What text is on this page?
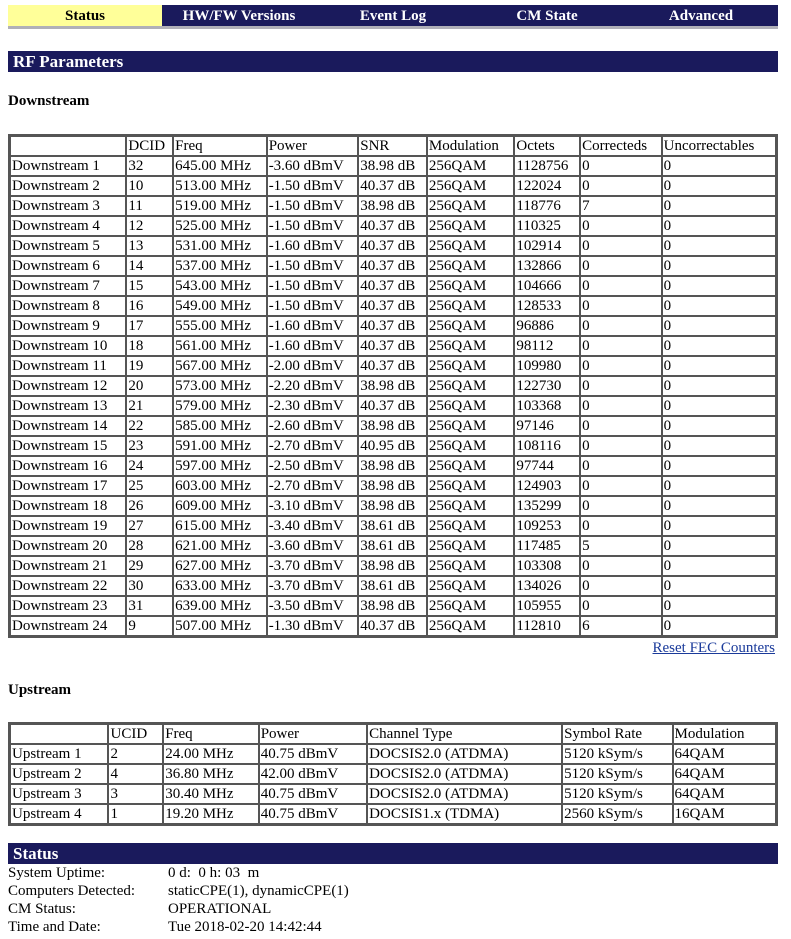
Status	HW/FW Versions	Event Log	CM State	Advanced
RF Parameters
Downstream
	DCID	Freq	Power	SNR	Modulation	Octets	Correcteds	Uncorrectables
Downstream 1	32	645.00 MHz	-3.60 dBmV	38.98 dB	256QAM	1128756	0	0
Downstream 2	10	513.00 MHz	-1.50 dBmV	40.37 dB	256QAM	122024	0	0
Downstream 3	11	519.00 MHz	-1.50 dBmV	38.98 dB	256QAM	118776	7	0
Downstream 4	12	525.00 MHz	-1.50 dBmV	40.37 dB	256QAM	110325	0	0
Downstream 5	13	531.00 MHz	-1.60 dBmV	40.37 dB	256QAM	102914	0	0
Downstream 6	14	537.00 MHz	-1.50 dBmV	40.37 dB	256QAM	132866	0	0
Downstream 7	15	543.00 MHz	-1.50 dBmV	40.37 dB	256QAM	104666	0	0
Downstream 8	16	549.00 MHz	-1.50 dBmV	40.37 dB	256QAM	128533	0	0
Downstream 9	17	555.00 MHz	-1.60 dBmV	40.37 dB	256QAM	96886	0	0
Downstream 10	18	561.00 MHz	-1.60 dBmV	40.37 dB	256QAM	98112	0	0
Downstream 11	19	567.00 MHz	-2.00 dBmV	40.37 dB	256QAM	109980	0	0
Downstream 12	20	573.00 MHz	-2.20 dBmV	38.98 dB	256QAM	122730	0	0
Downstream 13	21	579.00 MHz	-2.30 dBmV	40.37 dB	256QAM	103368	0	0
Downstream 14	22	585.00 MHz	-2.60 dBmV	38.98 dB	256QAM	97146	0	0
Downstream 15	23	591.00 MHz	-2.70 dBmV	40.95 dB	256QAM	108116	0	0
Downstream 16	24	597.00 MHz	-2.50 dBmV	38.98 dB	256QAM	97744	0	0
Downstream 17	25	603.00 MHz	-2.70 dBmV	38.98 dB	256QAM	124903	0	0
Downstream 18	26	609.00 MHz	-3.10 dBmV	38.98 dB	256QAM	135299	0	0
Downstream 19	27	615.00 MHz	-3.40 dBmV	38.61 dB	256QAM	109253	0	0
Downstream 20	28	621.00 MHz	-3.60 dBmV	38.61 dB	256QAM	117485	5	0
Downstream 21	29	627.00 MHz	-3.70 dBmV	38.98 dB	256QAM	103308	0	0
Downstream 22	30	633.00 MHz	-3.70 dBmV	38.61 dB	256QAM	134026	0	0
Downstream 23	31	639.00 MHz	-3.50 dBmV	38.98 dB	256QAM	105955	0	0
Downstream 24	9	507.00 MHz	-1.30 dBmV	40.37 dB	256QAM	112810	6	0
Reset FEC Counters
Upstream
	UCID	Freq	Power	Channel Type	Symbol Rate	Modulation
Upstream 1	2	24.00 MHz	40.75 dBmV	DOCSIS2.0 (ATDMA)	5120 kSym/s	64QAM
Upstream 2	4	36.80 MHz	42.00 dBmV	DOCSIS2.0 (ATDMA)	5120 kSym/s	64QAM
Upstream 3	3	30.40 MHz	40.75 dBmV	DOCSIS2.0 (ATDMA)	5120 kSym/s	64QAM
Upstream 4	1	19.20 MHz	40.75 dBmV	DOCSIS1.x (TDMA)	2560 kSym/s	16QAM
Status
System Uptime:	0 d:  0 h: 03  m
Computers Detected:	staticCPE(1), dynamicCPE(1)
CM Status:	OPERATIONAL
Time and Date:	Tue 2018-02-20 14:42:44
